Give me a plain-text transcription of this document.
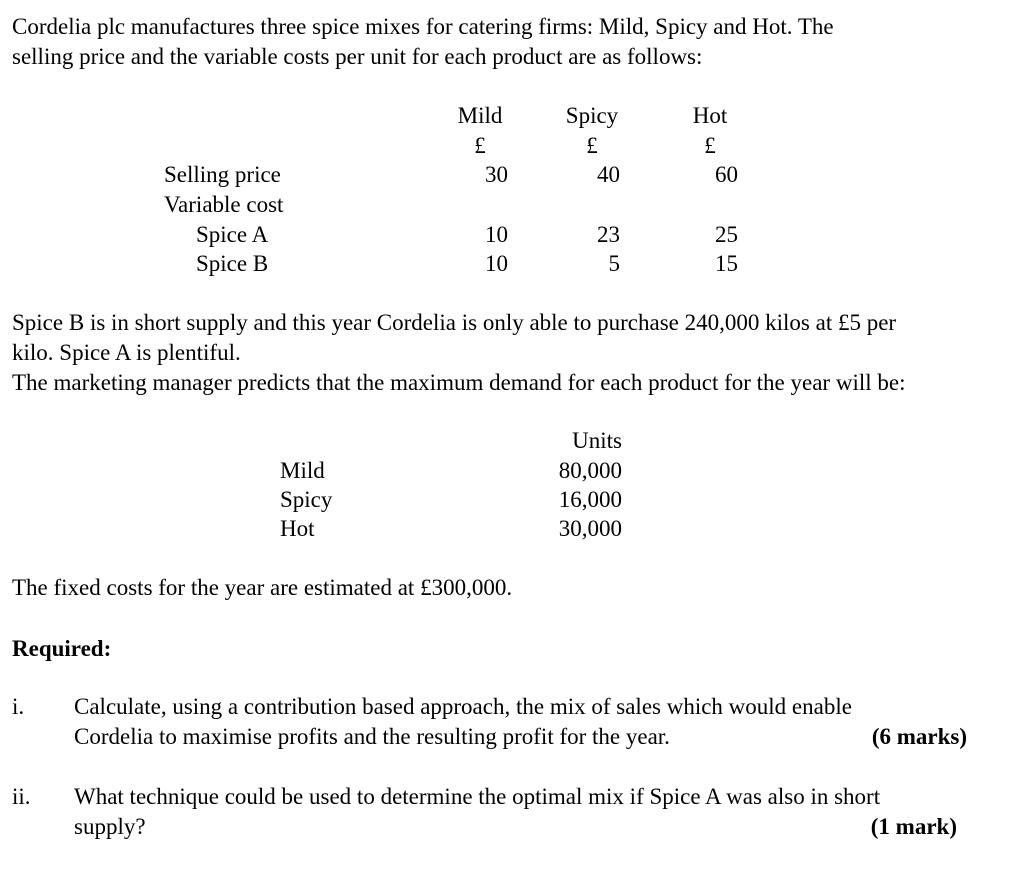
Cordelia plc manufactures three spice mixes for catering firms: Mild, Spicy and Hot. The
selling price and the variable costs per unit for each product are as follows:
Mild	Spicy	Hot
£	£	£
Selling price	30	40	60
Variable cost
Spice A	10	23	25
Spice B	10	5	15
Spice B is in short supply and this year Cordelia is only able to purchase 240,000 kilos at £5 per
kilo. Spice A is plentiful.
The marketing manager predicts that the maximum demand for each product for the year will be:
Units
Mild	80,000
Spicy	16,000
Hot	30,000
The fixed costs for the year are estimated at £300,000.
Required:
i. Calculate, using a contribution based approach, the mix of sales which would enable
Cordelia to maximise profits and the resulting profit for the year.	(6 marks)
ii. What technique could be used to determine the optimal mix if Spice A was also in short
supply?	(1 mark)
